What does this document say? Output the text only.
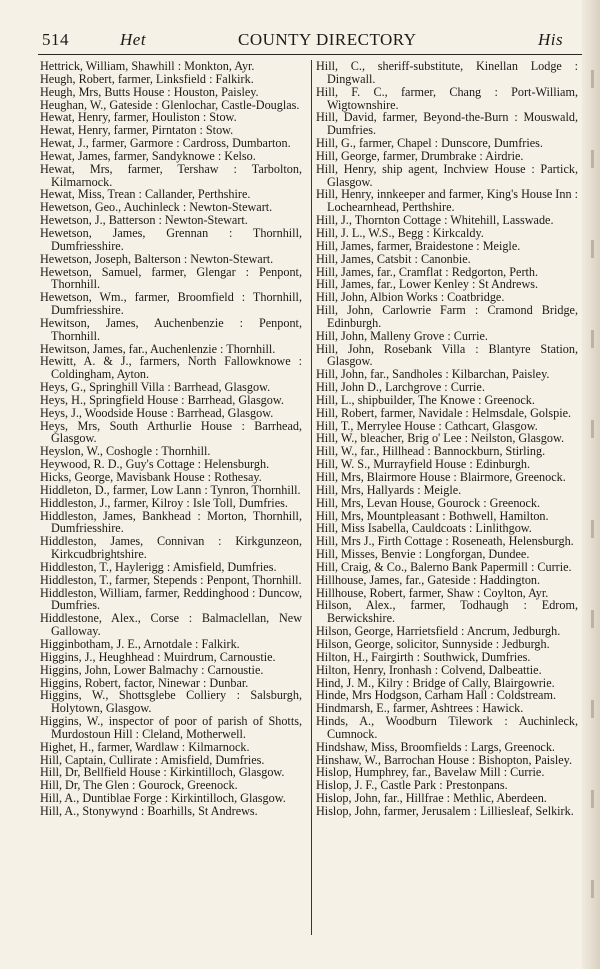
514	Het	COUNTY DIRECTORY	His

Hettrick, William, Shawhill : Monkton, Ayr.

Heugh, Robert, farmer, Linksfield : Falkirk.

Heugh, Mrs, Butts House : Houston, Paisley.

Heughan, W., Gateside : Glenlochar, Castle-Douglas.

Hewat, Henry, farmer, Houliston : Stow.

Hewat, Henry, farmer, Pirntaton : Stow.

Hewat, J., farmer, Garmore : Cardross, Dumbarton.

Hewat, James, farmer, Sandyknowe : Kelso.

Hewat, Mrs, farmer, Tershaw : Tarbolton, Kilmarnock.

Hewat, Miss, Trean : Callander, Perthshire.

Hewetson, Geo., Auchinleck : Newton-Stewart.

Hewetson, J., Batterson : Newton-Stewart.

Hewetson, James, Grennan : Thornhill, Dumfriesshire.

Hewetson, Joseph, Balterson : Newton-Stewart.

Hewetson, Samuel, farmer, Glengar : Penpont, Thornhill.

Hewetson, Wm., farmer, Broomfield : Thornhill, Dumfriesshire.

Hewitson, James, Auchenbenzie : Penpont, Thornhill.

Hewitson, James, far., Auchenlenzie : Thornhill.

Hewitt, A. & J., farmers, North Fallowknowe : Coldingham, Ayton.

Heys, G., Springhill Villa : Barrhead, Glasgow.

Heys, H., Springfield House : Barrhead, Glasgow.

Heys, J., Woodside House : Barrhead, Glasgow.

Heys, Mrs, South Arthurlie House : Barrhead, Glasgow.

Heyslon, W., Coshogle : Thornhill.

Heywood, R. D., Guy's Cottage : Helensburgh.

Hicks, George, Mavisbank House : Rothesay.

Hiddleton, D., farmer, Low Lann : Tynron, Thornhill.

Hiddleston, J., farmer, Kilroy : Isle Toll, Dumfries.

Hiddleston, James, Bankhead : Morton, Thornhill, Dumfriesshire.

Hiddleston, James, Connivan : Kirkgunzeon, Kirkcudbrightshire.

Hiddleston, T., Haylerigg : Amisfield, Dumfries.

Hiddleston, T., farmer, Stepends : Penpont, Thornhill.

Hiddleston, William, farmer, Reddinghood : Duncow, Dumfries.

Hiddlestone, Alex., Corse : Balmaclellan, New Galloway.

Higginbotham, J. E., Arnotdale : Falkirk.

Higgins, J., Heughhead : Muirdrum, Carnoustie.

Higgins, John, Lower Balmachy : Carnoustie.

Higgins, Robert, factor, Ninewar : Dunbar.

Higgins, W., Shottsglebe Colliery : Salsburgh, Holytown, Glasgow.

Higgins, W., inspector of poor of parish of Shotts, Murdostoun Hill : Cleland, Motherwell.

Highet, H., farmer, Wardlaw : Kilmarnock.

Hill, Captain, Cullirate : Amisfield, Dumfries.

Hill, Dr, Bellfield House : Kirkintilloch, Glasgow.

Hill, Dr, The Glen : Gourock, Greenock.

Hill, A., Duntiblae Forge : Kirkintilloch, Glasgow.

Hill, A., Stonywynd : Boarhills, St Andrews.

Hill, C., sheriff-substitute, Kinellan Lodge : Dingwall.

Hill, F. C., farmer, Chang : Port-William, Wigtownshire.

Hill, David, farmer, Beyond-the-Burn : Mouswald, Dumfries.

Hill, G., farmer, Chapel : Dunscore, Dumfries.

Hill, George, farmer, Drumbrake : Airdrie.

Hill, Henry, ship agent, Inchview House : Partick, Glasgow.

Hill, Henry, innkeeper and farmer, King's House Inn : Lochearnhead, Perthshire.

Hill, J., Thornton Cottage : Whitehill, Lasswade.

Hill, J. L., W.S., Begg : Kirkcaldy.

Hill, James, farmer, Braidestone : Meigle.

Hill, James, Catsbit : Canonbie.

Hill, James, far., Cramflat : Redgorton, Perth.

Hill, James, far., Lower Kenley : St Andrews.

Hill, John, Albion Works : Coatbridge.

Hill, John, Carlowrie Farm : Cramond Bridge, Edinburgh.

Hill, John, Malleny Grove : Currie.

Hill, John, Rosebank Villa : Blantyre Station, Glasgow.

Hill, John, far., Sandholes : Kilbarchan, Paisley.

Hill, John D., Larchgrove : Currie.

Hill, L., shipbuilder, The Knowe : Greenock.

Hill, Robert, farmer, Navidale : Helmsdale, Golspie.

Hill, T., Merrylee House : Cathcart, Glasgow.

Hill, W., bleacher, Brig o' Lee : Neilston, Glasgow.

Hill, W., far., Hillhead : Bannockburn, Stirling.

Hill, W. S., Murrayfield House : Edinburgh.

Hill, Mrs, Blairmore House : Blairmore, Greenock.

Hill, Mrs, Hallyards : Meigle.

Hill, Mrs, Levan House, Gourock : Greenock.

Hill, Mrs, Mountpleasant : Bothwell, Hamilton.

Hill, Miss Isabella, Cauldcoats : Linlithgow.

Hill, Mrs J., Firth Cottage : Roseneath, Helensburgh.

Hill, Misses, Benvie : Longforgan, Dundee.

Hill, Craig, & Co., Balerno Bank Papermill : Currie.

Hillhouse, James, far., Gateside : Haddington.

Hillhouse, Robert, farmer, Shaw : Coylton, Ayr.

Hilson, Alex., farmer, Todhaugh : Edrom, Berwickshire.

Hilson, George, Harrietsfield : Ancrum, Jedburgh.

Hilson, George, solicitor, Sunnyside : Jedburgh.

Hilton, H., Fairgirth : Southwick, Dumfries.

Hilton, Henry, Ironhash : Colvend, Dalbeattie.

Hind, J. M., Kilry : Bridge of Cally, Blairgowrie.

Hinde, Mrs Hodgson, Carham Hall : Coldstream.

Hindmarsh, E., farmer, Ashtrees : Hawick.

Hinds, A., Woodburn Tilework : Auchinleck, Cumnock.

Hindshaw, Miss, Broomfields : Largs, Greenock.

Hinshaw, W., Barrochan House : Bishopton, Paisley.

Hislop, Humphrey, far., Bavelaw Mill : Currie.

Hislop, J. F., Castle Park : Prestonpans.

Hislop, John, far., Hillfrae : Methlic, Aberdeen.

Hislop, John, farmer, Jerusalem : Lilliesleaf, Selkirk.
